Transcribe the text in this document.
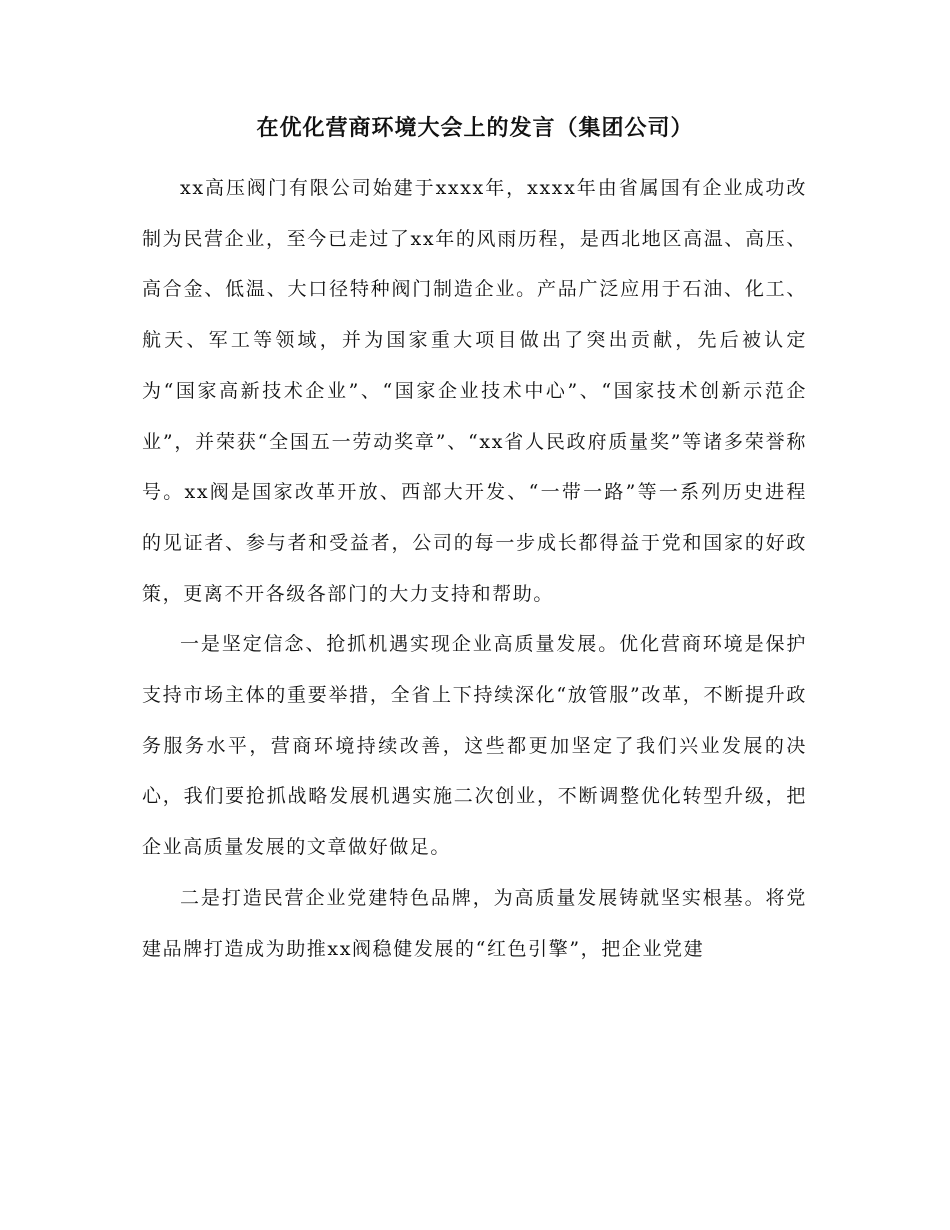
在优化营商环境大会上的发言（集团公司）

xx高压阀门有限公司始建于xxxx年，xxxx年由省属国有企业成功改制为民营企业，至今已走过了xx年的风雨历程，是西北地区高温、高压、高合金、低温、大口径特种阀门制造企业。产品广泛应用于石油、化工、航天、军工等领域，并为国家重大项目做出了突出贡献，先后被认定为“国家高新技术企业”、“国家企业技术中心”、“国家技术创新示范企业”，并荣获“全国五一劳动奖章”、“xx省人民政府质量奖”等诸多荣誉称号。xx阀是国家改革开放、西部大开发、“一带一路”等一系列历史进程的见证者、参与者和受益者，公司的每一步成长都得益于党和国家的好政策，更离不开各级各部门的大力支持和帮助。

一是坚定信念、抢抓机遇实现企业高质量发展。优化营商环境是保护支持市场主体的重要举措，全省上下持续深化“放管服”改革，不断提升政务服务水平，营商环境持续改善，这些都更加坚定了我们兴业发展的决心，我们要抢抓战略发展机遇实施二次创业，不断调整优化转型升级，把企业高质量发展的文章做好做足。

二是打造民营企业党建特色品牌，为高质量发展铸就坚实根基。将党建品牌打造成为助推xx阀稳健发展的“红色引擎”，把企业党建
